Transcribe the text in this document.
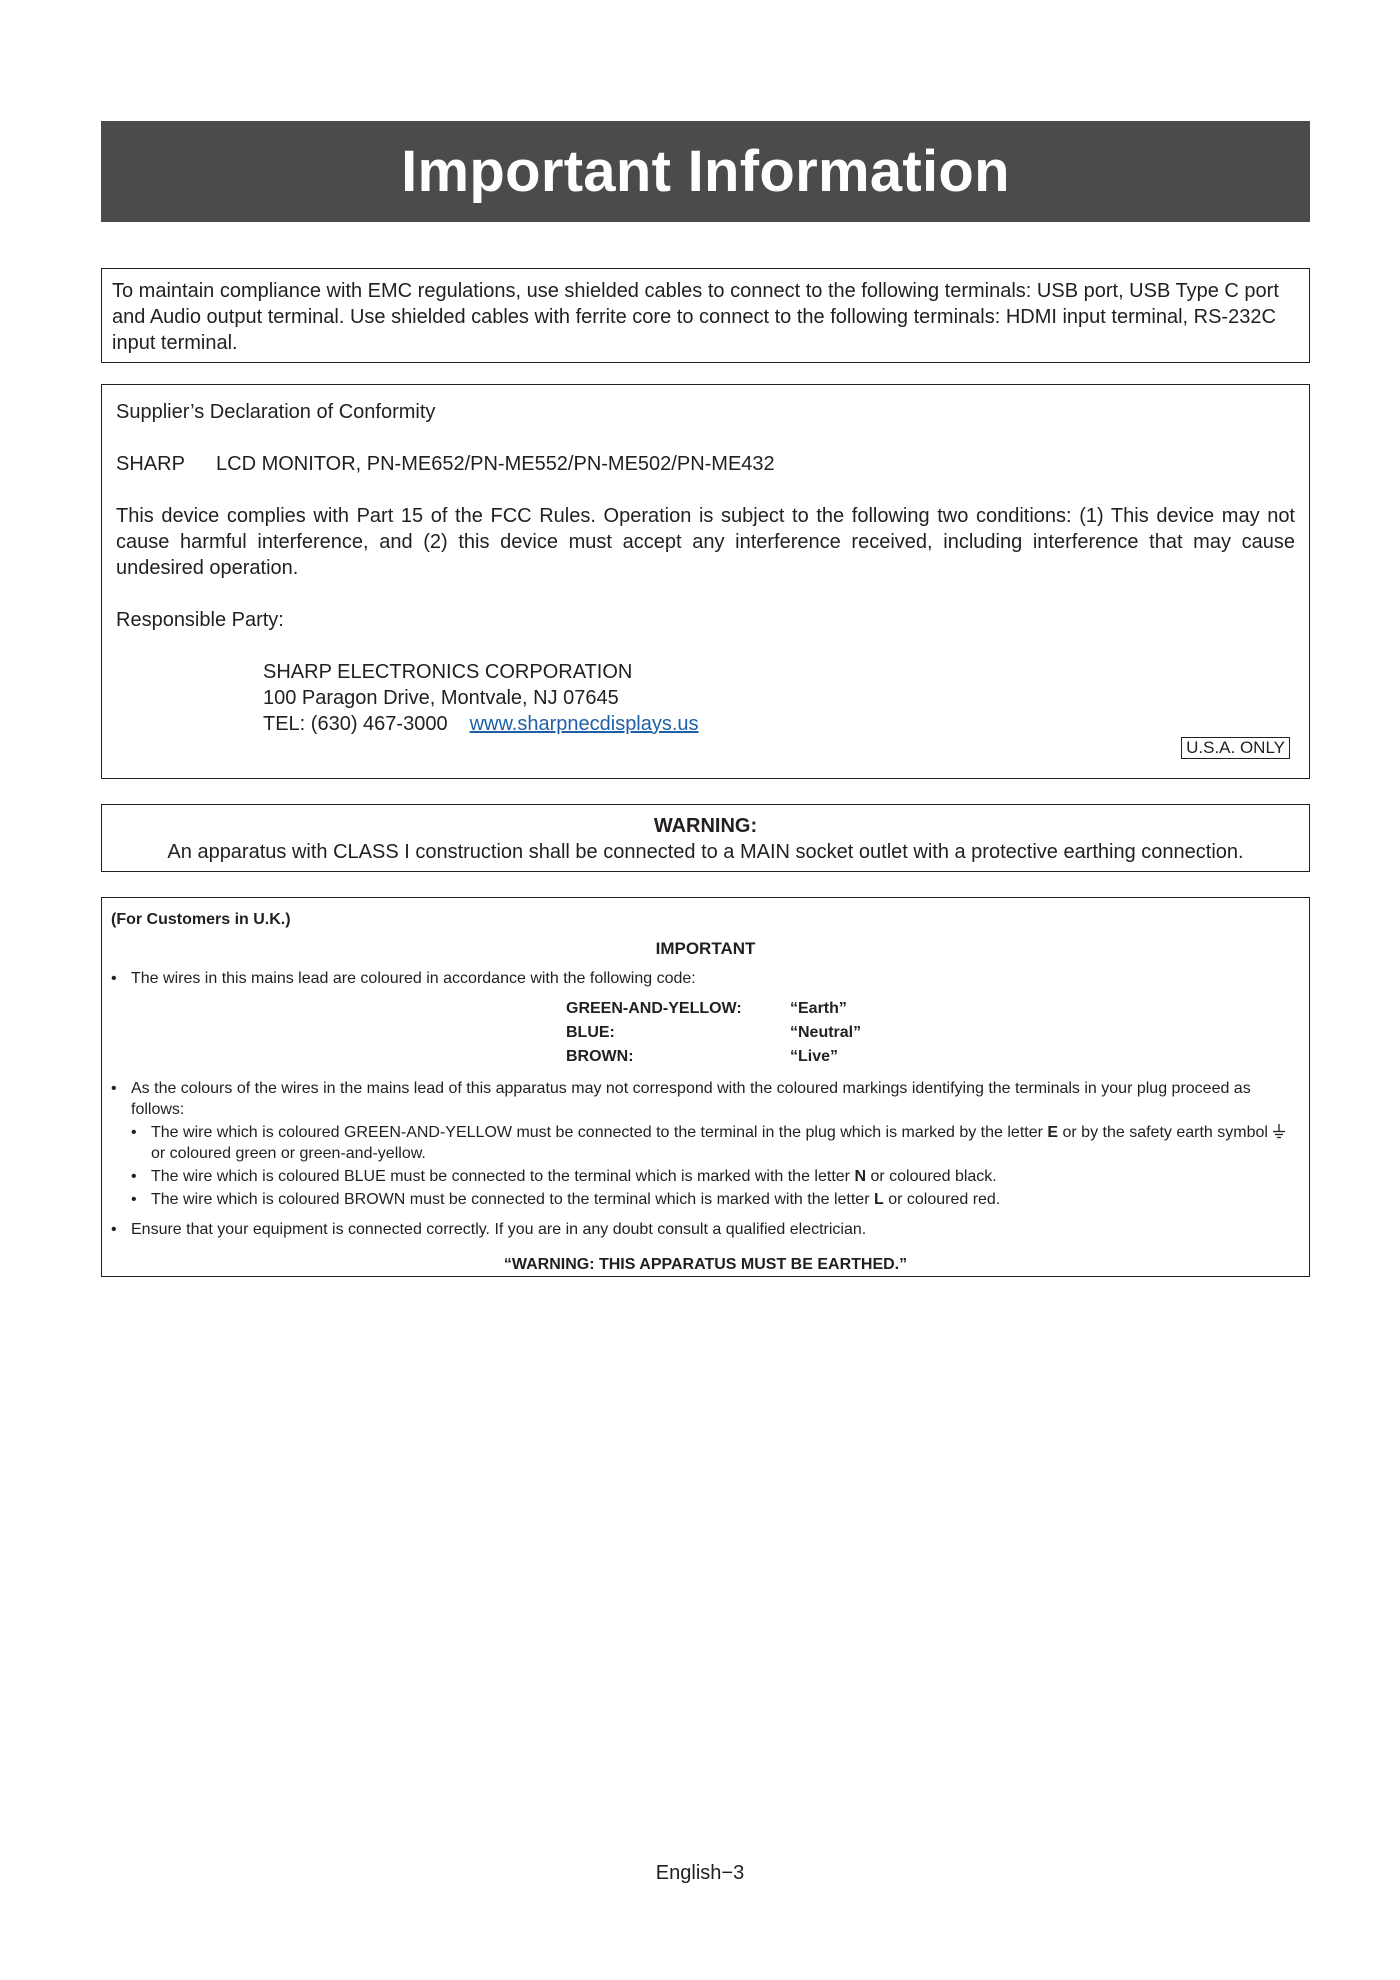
Important Information

To maintain compliance with EMC regulations, use shielded cables to connect to the following terminals: USB port, USB Type C port and Audio output terminal. Use shielded cables with ferrite core to connect to the following terminals: HDMI input terminal, RS-232C input terminal.

Supplier’s Declaration of Conformity

SHARP LCD MONITOR, PN-ME652/PN-ME552/PN-ME502/PN-ME432

This device complies with Part 15 of the FCC Rules. Operation is subject to the following two conditions: (1) This device may not cause harmful interference, and (2) this device must accept any interference received, including interference that may cause undesired operation.

Responsible Party:

SHARP ELECTRONICS CORPORATION
100 Paragon Drive, Montvale, NJ 07645
TEL: (630) 467-3000 www.sharpnecdisplays.us
U.S.A. ONLY
WARNING:
An apparatus with CLASS I construction shall be connected to a MAIN socket outlet with a protective earthing connection.
(For Customers in U.K.)
IMPORTANT
• The wires in this mains lead are coloured in accordance with the following code:
GREEN-AND-YELLOW:	“Earth”
BLUE:	“Neutral”
BROWN:	“Live”
• As the colours of the wires in the mains lead of this apparatus may not correspond with the coloured markings identifying the terminals in your plug proceed as follows:
• The wire which is coloured GREEN-AND-YELLOW must be connected to the terminal in the plug which is marked by the letter E or by the safety earth symbol  or coloured green or green-and-yellow.
• The wire which is coloured BLUE must be connected to the terminal which is marked with the letter N or coloured black.
• The wire which is coloured BROWN must be connected to the terminal which is marked with the letter L or coloured red.
• Ensure that your equipment is connected correctly. If you are in any doubt consult a qualified electrician.
“WARNING: THIS APPARATUS MUST BE EARTHED.”
English−3
